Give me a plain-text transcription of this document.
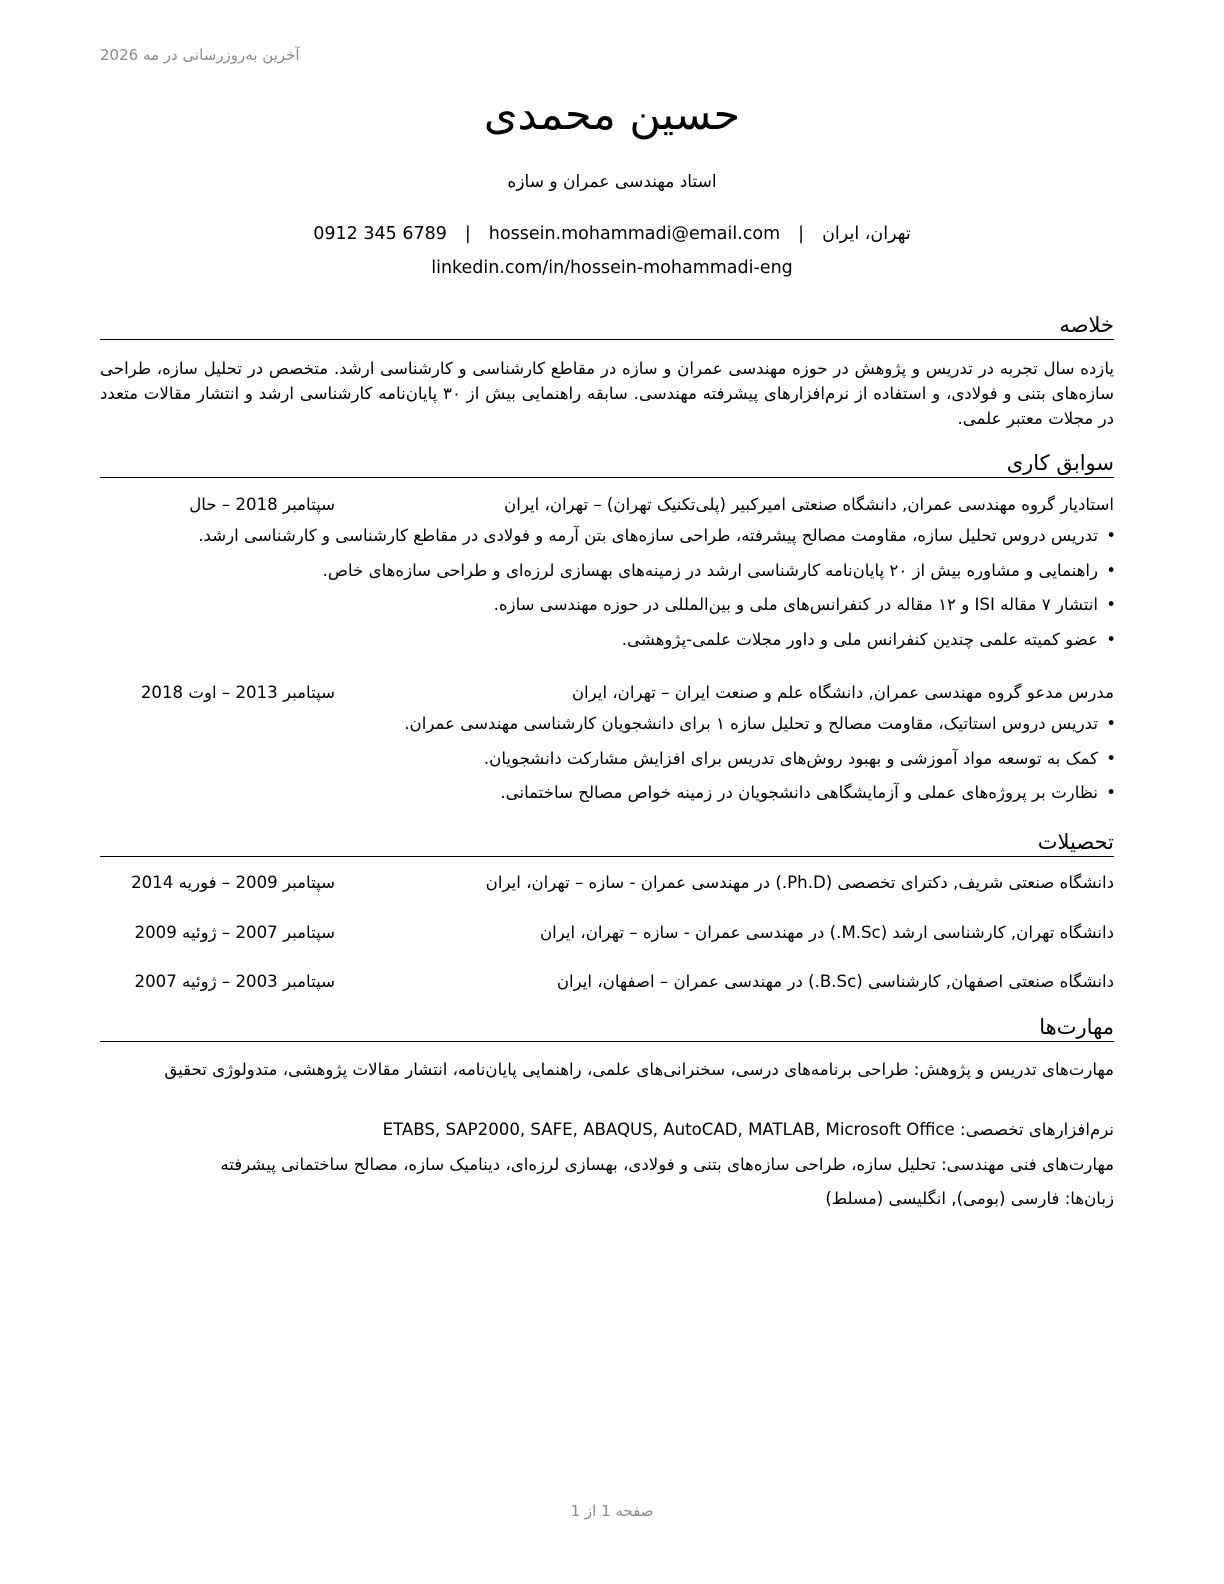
آخرین به‌روزرسانی در مه 2026
حسین محمدی
استاد مهندسی عمران و سازه
تهران، ایران|hossein.mohammadi@email.com|0912 345 6789
linkedin.com/in/hossein-mohammadi-eng
خلاصه
یازده سال تجربه در تدریس و پژوهش در حوزه مهندسی عمران و سازه در مقاطع کارشناسی و کارشناسی ارشد. متخصص در تحلیل سازه، طراحی سازه‌های بتنی و فولادی، و استفاده از نرم‌افزارهای پیشرفته مهندسی. سابقه راهنمایی بیش از ۳۰ پایان‌نامه کارشناسی ارشد و انتشار مقالات متعدد در مجلات معتبر علمی.
سوابق کاری
استادیار گروه مهندسی عمران, دانشگاه صنعتی امیرکبیر (پلی‌تکنیک تهران) – تهران، ایران
سپتامبر 2018 – حال
•تدریس دروس تحلیل سازه، مقاومت مصالح پیشرفته، طراحی سازه‌های بتن آرمه و فولادی در مقاطع کارشناسی و کارشناسی ارشد.
•راهنمایی و مشاوره بیش از ۲۰ پایان‌نامه کارشناسی ارشد در زمینه‌های بهسازی لرزه‌ای و طراحی سازه‌های خاص.
•انتشار ۷ مقاله ISI و ۱۲ مقاله در کنفرانس‌های ملی و بین‌المللی در حوزه مهندسی سازه.
•عضو کمیته علمی چندین کنفرانس ملی و داور مجلات علمی-پژوهشی.
مدرس مدعو گروه مهندسی عمران, دانشگاه علم و صنعت ایران – تهران، ایران
سپتامبر 2013 – اوت 2018
•تدریس دروس استاتیک، مقاومت مصالح و تحلیل سازه ۱ برای دانشجویان کارشناسی مهندسی عمران.
•کمک به توسعه مواد آموزشی و بهبود روش‌های تدریس برای افزایش مشارکت دانشجویان.
•نظارت بر پروژه‌های عملی و آزمایشگاهی دانشجویان در زمینه خواص مصالح ساختمانی.
تحصیلات
دانشگاه صنعتی شریف, دکترای تخصصی (Ph.D.) در مهندسی عمران - سازه – تهران، ایران
سپتامبر 2009 – فوریه 2014
دانشگاه تهران, کارشناسی ارشد (M.Sc.) در مهندسی عمران - سازه – تهران، ایران
سپتامبر 2007 – ژوئیه 2009
دانشگاه صنعتی اصفهان, کارشناسی (B.Sc.) در مهندسی عمران – اصفهان، ایران
سپتامبر 2003 – ژوئیه 2007
مهارت‌ها
مهارت‌های تدریس و پژوهش: طراحی برنامه‌های درسی، سخنرانی‌های علمی، راهنمایی پایان‌نامه، انتشار مقالات پژوهشی، متدولوژی تحقیق
نرم‌افزارهای تخصصی: ETABS, SAP2000, SAFE, ABAQUS, AutoCAD, MATLAB, Microsoft Office
مهارت‌های فنی مهندسی: تحلیل سازه، طراحی سازه‌های بتنی و فولادی، بهسازی لرزه‌ای، دینامیک سازه، مصالح ساختمانی پیشرفته
زبان‌ها: فارسی (بومی), انگلیسی (مسلط)
صفحه 1 از 1
